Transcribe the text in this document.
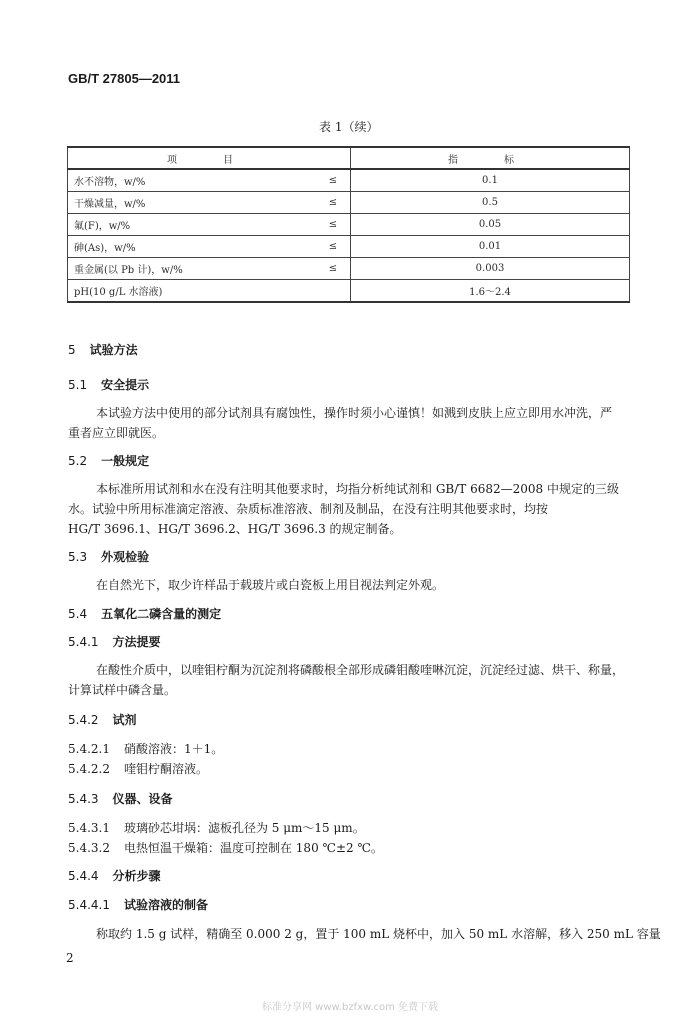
GB/T 27805—2011
表 1（续）
项　目		指　标
水不溶物，w/%	≤	0.1
干燥减量，w/%	≤	0.5
氟(F)，w/%	≤	0.05
砷(As)，w/%	≤	0.01
重金属(以 Pb 计)，w/%	≤	0.003
pH(10 g/L 水溶液)		1.6～2.4
5 试验方法
5.1 安全提示
本试验方法中使用的部分试剂具有腐蚀性，操作时须小心谨慎！如溅到皮肤上应立即用水冲洗，严
重者应立即就医。
5.2 一般规定
本标准所用试剂和水在没有注明其他要求时，均指分析纯试剂和 GB/T 6682—2008 中规定的三级
水。试验中所用标准滴定溶液、杂质标准溶液、制剂及制品，在没有注明其他要求时，均按
HG/T 3696.1、HG/T 3696.2、HG/T 3696.3 的规定制备。
5.3 外观检验
在自然光下，取少许样品于载玻片或白瓷板上用目视法判定外观。
5.4 五氧化二磷含量的测定
5.4.1 方法提要
在酸性介质中，以喹钼柠酮为沉淀剂将磷酸根全部形成磷钼酸喹啉沉淀，沉淀经过滤、烘干、称量，
计算试样中磷含量。
5.4.2 试剂
5.4.2.1 硝酸溶液：1＋1。
5.4.2.2 喹钼柠酮溶液。
5.4.3 仪器、设备
5.4.3.1 玻璃砂芯坩埚：滤板孔径为 5 μm～15 μm。
5.4.3.2 电热恒温干燥箱：温度可控制在 180 ℃±2 ℃。
5.4.4 分析步骤
5.4.4.1 试验溶液的制备
称取约 1.5 g 试样，精确至 0.000 2 g，置于 100 mL 烧杯中，加入 50 mL 水溶解，移入 250 mL 容量
2
标准分享网 www.bzfxw.com 免费下载
